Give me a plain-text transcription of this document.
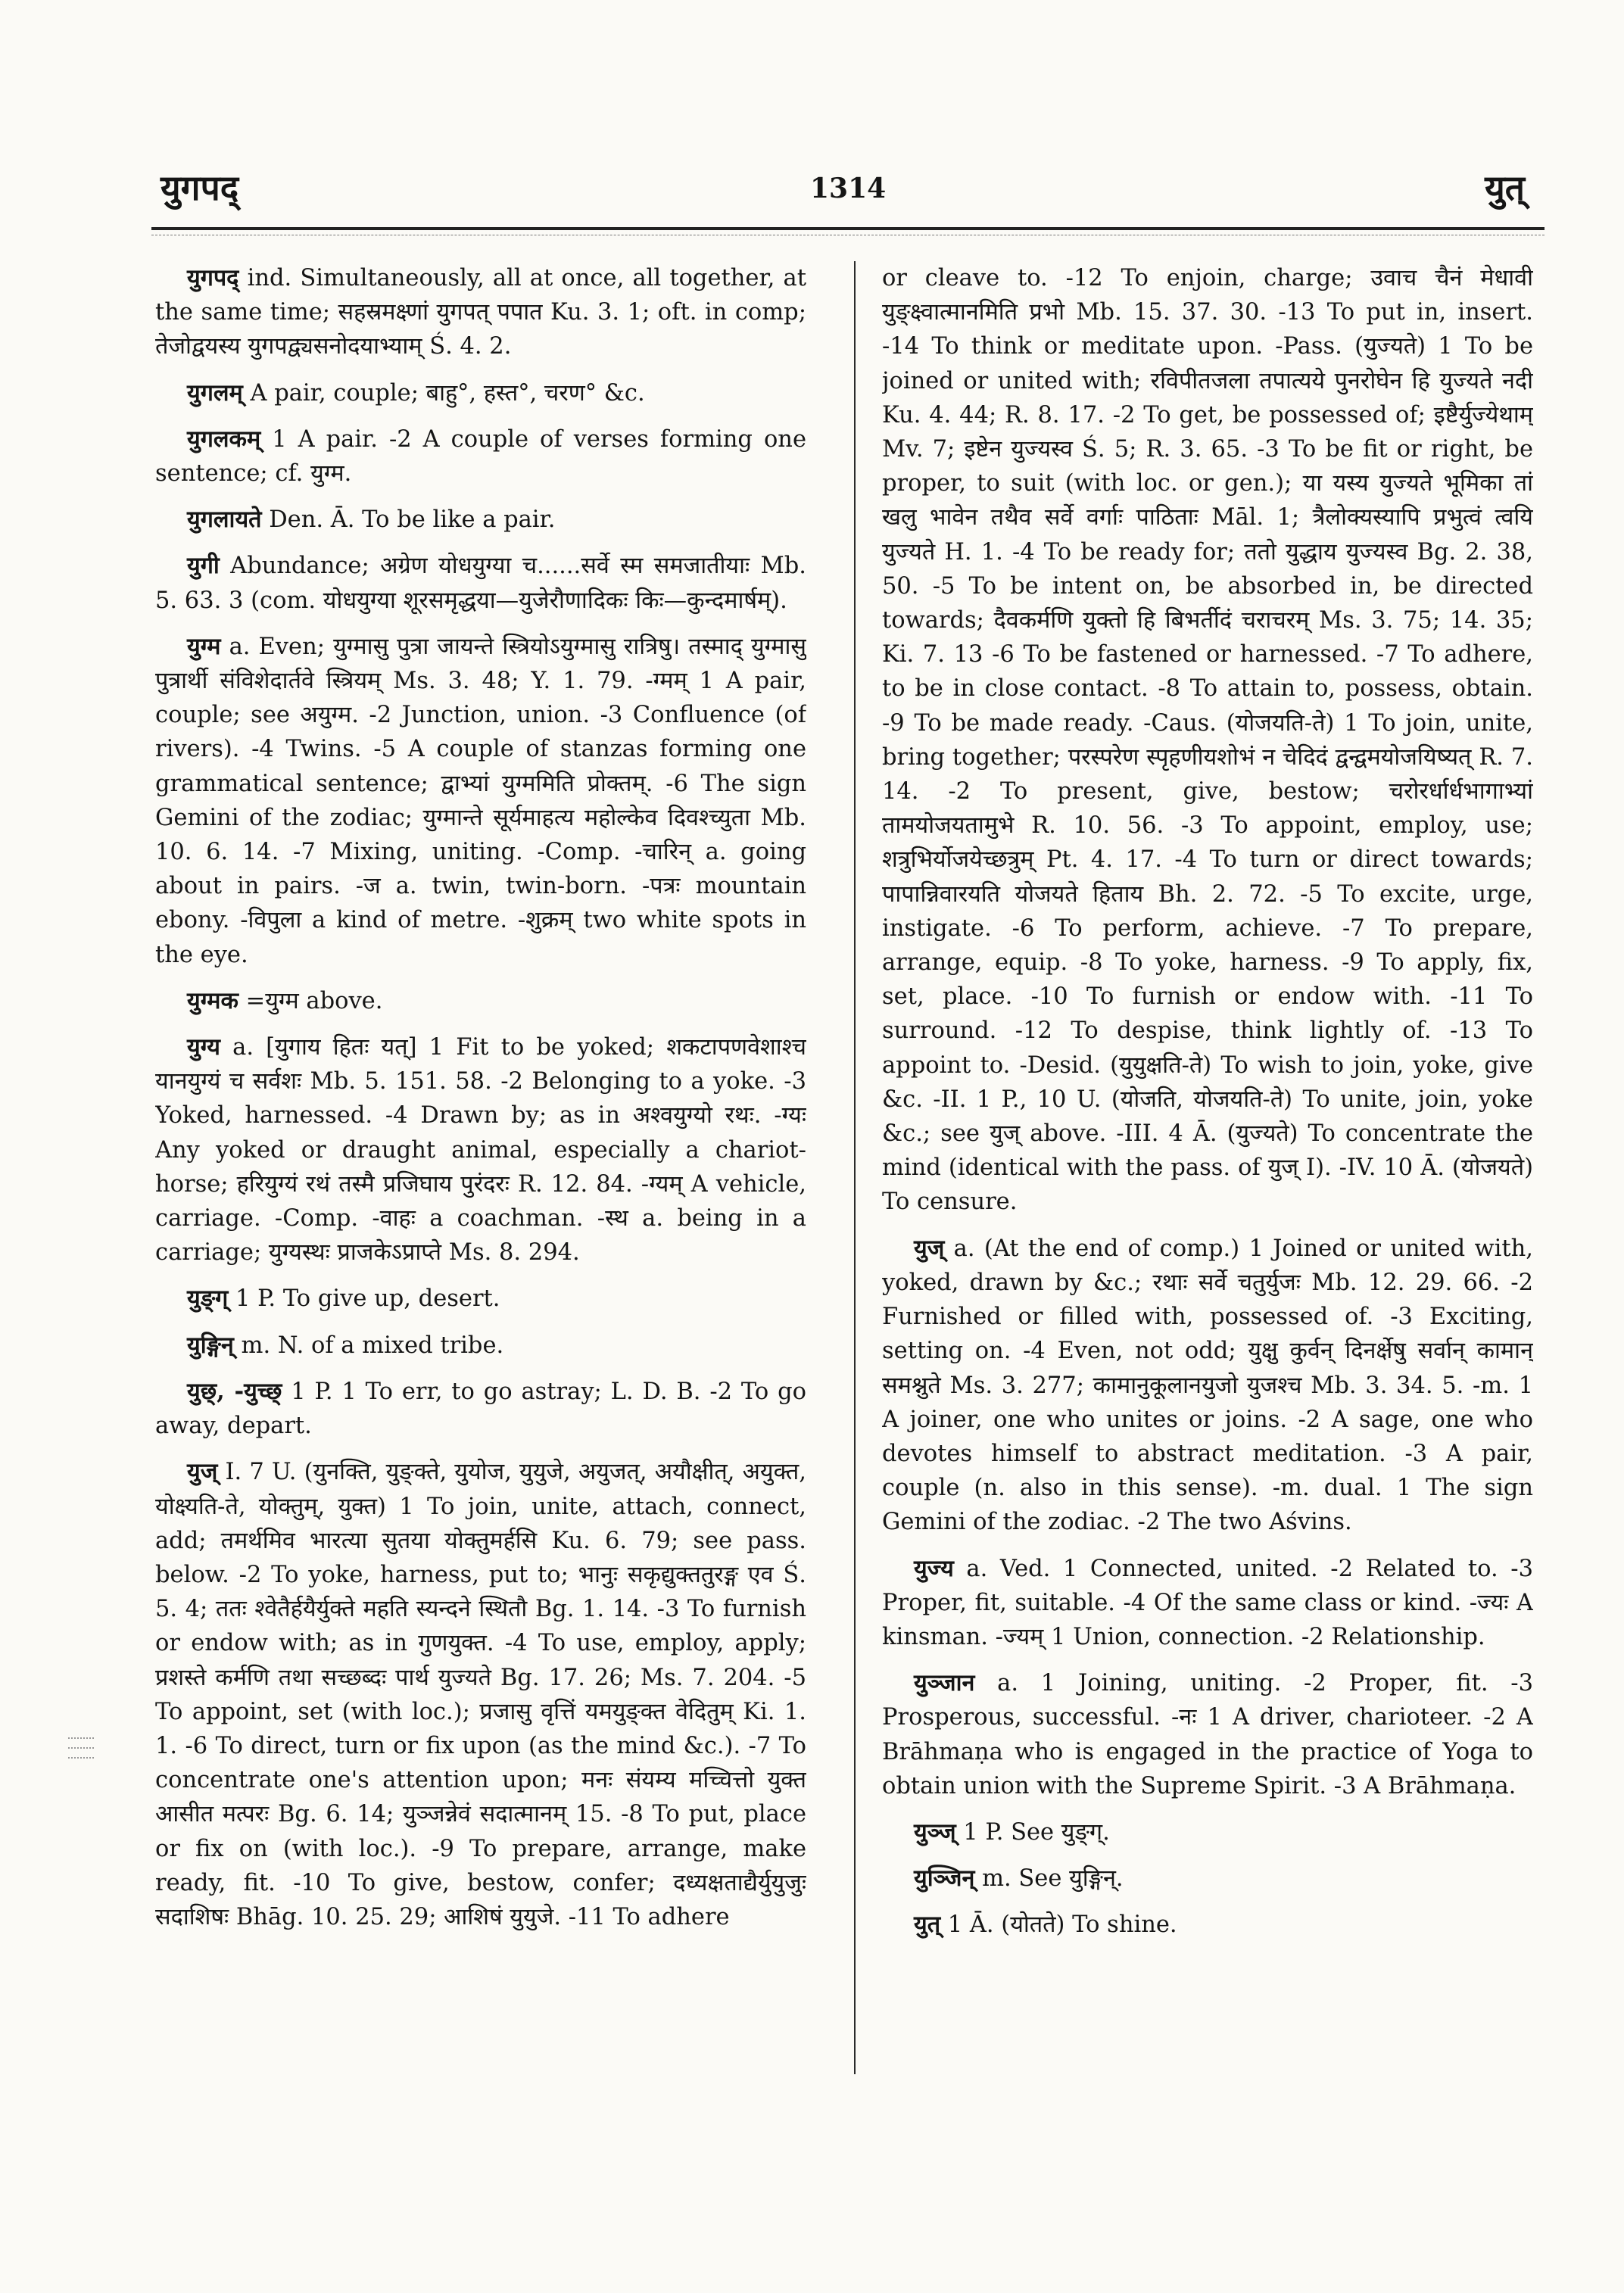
युगपद्	1314	युत्

युगपद् ind. Simultaneously, all at once, all together, at the same time; सहस्रमक्ष्णां युगपत् पपात Ku. 3. 1; oft. in comp; तेजोद्वयस्य युगपद्व्यसनोदयाभ्याम् Ś. 4. 2.

युगलम् A pair, couple; बाहु°, हस्त°, चरण° &c.

युगलकम् 1 A pair. -2 A couple of verses forming one sentence; cf. युग्म.

युगलायते Den. Ā. To be like a pair.

युगी Abundance; अग्रेण योधयुग्या च......सर्वे स्म समजातीयाः Mb. 5. 63. 3 (com. योधयुग्या शूरसमृद्धया—युजेरौणादिकः किः—कुन्दमार्षम्).

युग्म a. Even; युग्मासु पुत्रा जायन्ते स्त्रियोऽयुग्मासु रात्रिषु। तस्माद् युग्मासु पुत्रार्थी संविशेदार्तवे स्त्रियम् Ms. 3. 48; Y. 1. 79. -ग्मम् 1 A pair, couple; see अयुग्म. -2 Junction, union. -3 Confluence (of rivers). -4 Twins. -5 A couple of stanzas forming one grammatical sentence; द्वाभ्यां युग्ममिति प्रोक्तम्. -6 The sign Gemini of the zodiac; युग्मान्ते सूर्यमाहत्य महोल्केव दिवश्च्युता Mb. 10. 6. 14. -7 Mixing, uniting. -Comp. -चारिन् a. going about in pairs. -ज a. twin, twin-born. -पत्रः mountain ebony. -विपुला a kind of metre. -शुक्रम् two white spots in the eye.

युग्मक =युग्म above.

युग्य a. [युगाय हितः यत्] 1 Fit to be yoked; शकटापणवेशाश्च यानयुग्यं च सर्वशः Mb. 5. 151. 58. -2 Belonging to a yoke. -3 Yoked, harnessed. -4 Drawn by; as in अश्वयुग्यो रथः. -ग्यः Any yoked or draught animal, especially a chariot-horse; हरियुग्यं रथं तस्मै प्रजिघाय पुरंदरः R. 12. 84. -ग्यम् A vehicle, carriage. -Comp. -वाहः a coachman. -स्थ a. being in a carriage; युग्यस्थः प्राजकेऽप्राप्ते Ms. 8. 294.

युङ्ग् 1 P. To give up, desert.

युङ्गिन् m. N. of a mixed tribe.

युछ्, -युच्छ् 1 P. 1 To err, to go astray; L. D. B. -2 To go away, depart.

युज् I. 7 U. (युनक्ति, युङ्क्ते, युयोज, युयुजे, अयुजत्, अयौक्षीत्, अयुक्त, योक्ष्यति-ते, योक्तुम्, युक्त) 1 To join, unite, attach, connect, add; तमर्थमिव भारत्या सुतया योक्तुमर्हसि Ku. 6. 79; see pass. below. -2 To yoke, harness, put to; भानुः सकृद्युक्ततुरङ्ग एव Ś. 5. 4; ततः श्वेतैर्हयैर्युक्ते महति स्यन्दने स्थितौ Bg. 1. 14. -3 To furnish or endow with; as in गुणयुक्त. -4 To use, employ, apply; प्रशस्ते कर्मणि तथा सच्छब्दः पार्थ युज्यते Bg. 17. 26; Ms. 7. 204. -5 To appoint, set (with loc.); प्रजासु वृत्तिं यमयुङ्क्त वेदितुम् Ki. 1. 1. -6 To direct, turn or fix upon (as the mind &c.). -7 To concentrate one's attention upon; मनः संयम्य मच्चित्तो युक्त आसीत मत्परः Bg. 6. 14; युञ्जन्नेवं सदात्मानम् 15. -8 To put, place or fix on (with loc.). -9 To prepare, arrange, make ready, fit. -10 To give, bestow, confer; दध्यक्षताद्यैर्युयुजुः सदाशिषः Bhāg. 10. 25. 29; आशिषं युयुजे. -11 To adhere

or cleave to. -12 To enjoin, charge; उवाच चैनं मेधावी युङ्क्ष्वात्मानमिति प्रभो Mb. 15. 37. 30. -13 To put in, insert. -14 To think or meditate upon. -Pass. (युज्यते) 1 To be joined or united with; रविपीतजला तपात्यये पुनरोघेन हि युज्यते नदी Ku. 4. 44; R. 8. 17. -2 To get, be possessed of; इष्टैर्युज्येथाम् Mv. 7; इष्टेन युज्यस्व Ś. 5; R. 3. 65. -3 To be fit or right, be proper, to suit (with loc. or gen.); या यस्य युज्यते भूमिका तां खलु भावेन तथैव सर्वे वर्गाः पाठिताः Māl. 1; त्रैलोक्यस्यापि प्रभुत्वं त्वयि युज्यते H. 1. -4 To be ready for; ततो युद्धाय युज्यस्व Bg. 2. 38, 50. -5 To be intent on, be absorbed in, be directed towards; दैवकर्मणि युक्तो हि बिभर्तीदं चराचरम् Ms. 3. 75; 14. 35; Ki. 7. 13 -6 To be fastened or harnessed. -7 To adhere, to be in close contact. -8 To attain to, possess, obtain. -9 To be made ready. -Caus. (योजयति-ते) 1 To join, unite, bring together; परस्परेण स्पृहणीयशोभं न चेदिदं द्वन्द्वमयोजयिष्यत् R. 7. 14. -2 To present, give, bestow; चरोरर्धार्धभागाभ्यां तामयोजयतामुभे R. 10. 56. -3 To appoint, employ, use; शत्रुभिर्योजयेच्छत्रुम् Pt. 4. 17. -4 To turn or direct towards; पापान्निवारयति योजयते हिताय Bh. 2. 72. -5 To excite, urge, instigate. -6 To perform, achieve. -7 To prepare, arrange, equip. -8 To yoke, harness. -9 To apply, fix, set, place. -10 To furnish or endow with. -11 To surround. -12 To despise, think lightly of. -13 To appoint to. -Desid. (युयुक्षति-ते) To wish to join, yoke, give &c. -II. 1 P., 10 U. (योजति, योजयति-ते) To unite, join, yoke &c.; see युज् above. -III. 4 Ā. (युज्यते) To concentrate the mind (identical with the pass. of युज् I). -IV. 10 Ā. (योजयते) To censure.

युज् a. (At the end of comp.) 1 Joined or united with, yoked, drawn by &c.; रथाः सर्वे चतुर्युजः Mb. 12. 29. 66. -2 Furnished or filled with, possessed of. -3 Exciting, setting on. -4 Even, not odd; युक्षु कुर्वन् दिनर्क्षेषु सर्वान् कामान् समश्नुते Ms. 3. 277; कामानुकूलानयुजो युजश्च Mb. 3. 34. 5. -m. 1 A joiner, one who unites or joins. -2 A sage, one who devotes himself to abstract meditation. -3 A pair, couple (n. also in this sense). -m. dual. 1 The sign Gemini of the zodiac. -2 The two Aśvins.

युज्य a. Ved. 1 Connected, united. -2 Related to. -3 Proper, fit, suitable. -4 Of the same class or kind. -ज्यः A kinsman. -ज्यम् 1 Union, connection. -2 Relationship.

युञ्जान a. 1 Joining, uniting. -2 Proper, fit. -3 Prosperous, successful. -नः 1 A driver, charioteer. -2 A Brāhmaṇa who is engaged in the practice of Yoga to obtain union with the Supreme Spirit. -3 A Brāhmaṇa.

युञ्ज् 1 P. See युङ्ग्.

युञ्जिन् m. See युङ्गिन्.

युत् 1 Ā. (योतते) To shine.
